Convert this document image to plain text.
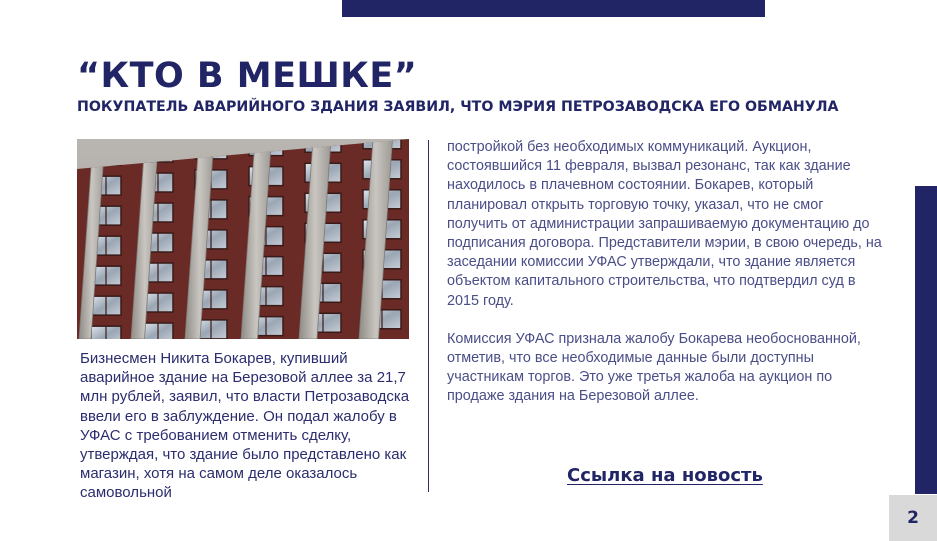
“КТО В МЕШКЕ”
ПОКУПАТЕЛЬ АВАРИЙНОГО ЗДАНИЯ ЗАЯВИЛ, ЧТО МЭРИЯ ПЕТРОЗАВОДСКА ЕГО ОБМАНУЛА

Бизнесмен Никита Бокарев, купивший аварийное здание на Березовой аллее за 21,7 млн рублей, заявил, что власти Петрозаводска ввели его в заблуждение. Он подал жалобу в УФАС с требованием отменить сделку, утверждая, что здание было представлено как магазин, хотя на самом деле оказалось самовольной

постройкой без необходимых коммуникаций. Аукцион, состоявшийся 11 февраля, вызвал резонанс, так как здание находилось в плачевном состоянии. Бокарев, который планировал открыть торговую точку, указал, что не смог получить от администрации запрашиваемую документацию до подписания договора. Представители мэрии, в свою очередь, на заседании комиссии УФАС утверждали, что здание является объектом капитального строительства, что подтвердил суд в 2015 году.

Комиссия УФАС признала жалобу Бокарева необоснованной, отметив, что все необходимые данные были доступны участникам торгов. Это уже третья жалоба на аукцион по продаже здания на Березовой аллее.

Ссылка на новость
2
